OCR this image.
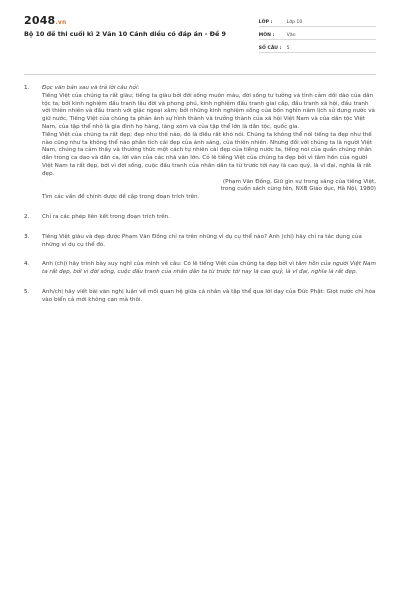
2048.vn
Bộ 10 đề thi cuối kì 2 Văn 10 Cánh diều có đáp án - Đề 9
LỚP :	Lớp 10
MÔN :	Văn
SỐ CÂU :	5
1.	Đọc văn bản sau và trả lời câu hỏi:

Tiếng Việt của chúng ta rất giàu; tiếng ta giàu bởi đời sống muôn màu, đời sống tư tưởng và tình cảm dồi dào của dân tộc ta; bởi kinh nghiệm đấu tranh lâu đời và phong phú, kinh nghiệm đấu tranh giai cấp, đấu tranh xã hội, đấu tranh với thiên nhiên và đấu tranh với giặc ngoại xâm; bởi những kinh nghiệm sống của bốn nghìn năm lịch sử dựng nước và giữ nước, Tiếng Việt của chúng ta phản ánh sự hình thành và trưởng thành của xã hội Việt Nam và của dân tộc Việt Nam, của tập thể nhỏ là gia đình họ hàng, làng xóm và của tập thể lớn là dân tộc, quốc gia.

Tiếng Việt của chúng ta rất đẹp; đẹp như thế nào, đó là điều rất khó nói. Chúng ta không thể nói tiếng ta đẹp như thế nào cũng như ta không thể nào phân tích cái đẹp của ánh sáng, của thiên nhiên. Nhưng đối với chúng ta là người Việt Nam, chúng ta cảm thấy và thưởng thức một cách tự nhiên cái đẹp của tiếng nước ta, tiếng nói của quần chúng nhân dân trong ca dao và dân ca, lời văn của các nhà văn lớn. Có lẽ tiếng Việt của chúng ta đẹp bởi vì tâm hồn của người Việt Nam ta rất đẹp, bởi vì đời sống, cuộc đấu tranh của nhân dân ta từ trước tới nay là cao quý, là vĩ đại, nghĩa là rất đẹp.

(Phạm Văn Đồng, Giữ gìn sự trong sáng của tiếng Việt,

trong cuốn sách cùng tên, NXB Giáo dục, Hà Nội, 1980)

Tìm các vấn đề chính được đề cập trong đoạn trích trên.

2.	Chỉ ra các phép liên kết trong đoạn trích trên.
3.	Tiếng Việt giàu và đẹp được Phạm Văn Đồng chỉ ra trên những vì dụ cụ thể nào? Anh (chị) hãy chỉ ra tác dụng của những vì dụ cụ thể đó.
4.	Anh (chị) hãy trình bày suy nghĩ của mình về câu: Có lẽ tiếng Việt của chúng ta đẹp bởi vì tâm hồn của người Việt Nam ta rất đẹp, bởi vì đời sống, cuộc đấu tranh của nhân dân ta từ trước tới nay là cao quý, là vĩ đại, nghĩa là rất đẹp.
5.	Anh/chị hãy viết bài văn nghị luận về mối quan hệ giữa cá nhân và tập thể qua lời dạy của Đức Phật: Giọt nước chỉ hòa vào biển cả mới không cạn mà thôi.
